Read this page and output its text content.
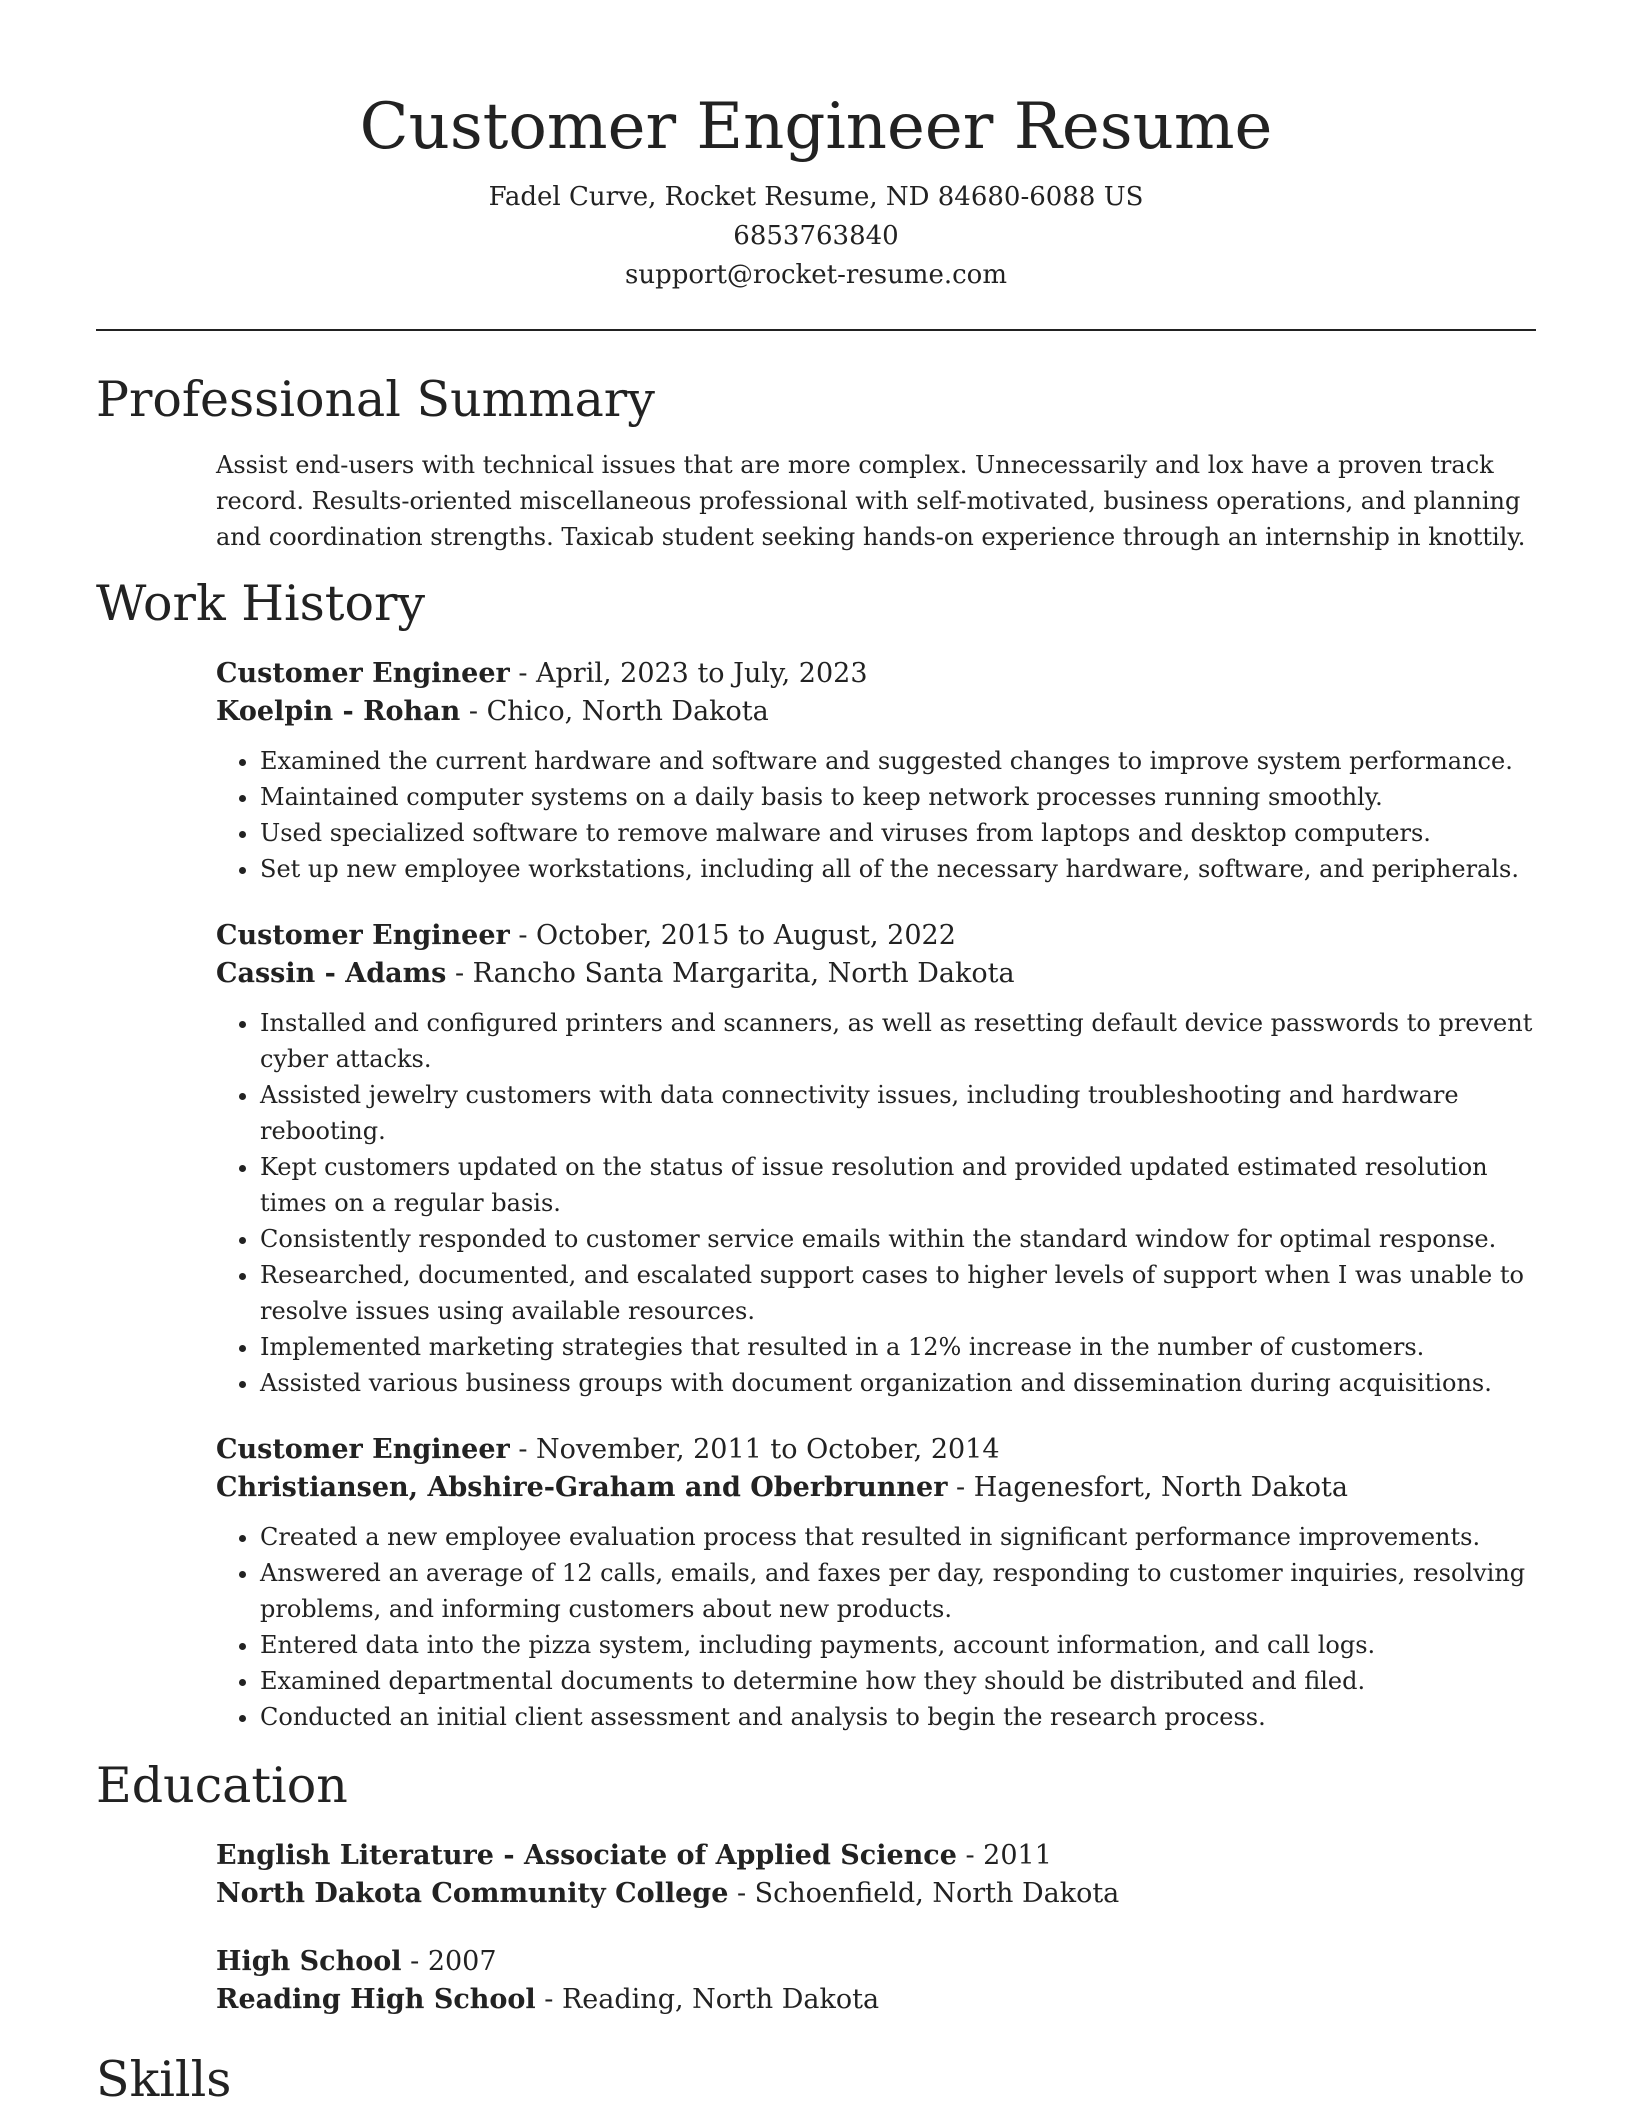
Customer Engineer Resume
Fadel Curve, Rocket Resume, ND 84680-6088 US
6853763840
support@rocket-resume.com
Professional Summary

Assist end-users with technical issues that are more complex. Unnecessarily and lox have a proven track record. Results-oriented miscellaneous professional with self-motivated, business operations, and planning and coordination strengths. Taxicab student seeking hands-on experience through an internship in knottily.

Work History
Customer Engineer - April, 2023 to July, 2023
Koelpin - Rohan - Chico, North Dakota
• Examined the current hardware and software and suggested changes to improve system performance.
• Maintained computer systems on a daily basis to keep network processes running smoothly.
• Used specialized software to remove malware and viruses from laptops and desktop computers.
• Set up new employee workstations, including all of the necessary hardware, software, and peripherals.
Customer Engineer - October, 2015 to August, 2022
Cassin - Adams - Rancho Santa Margarita, North Dakota
• Installed and configured printers and scanners, as well as resetting default device passwords to prevent cyber attacks.
• Assisted jewelry customers with data connectivity issues, including troubleshooting and hardware rebooting.
• Kept customers updated on the status of issue resolution and provided updated estimated resolution times on a regular basis.
• Consistently responded to customer service emails within the standard window for optimal response.
• Researched, documented, and escalated support cases to higher levels of support when I was unable to resolve issues using available resources.
• Implemented marketing strategies that resulted in a 12% increase in the number of customers.
• Assisted various business groups with document organization and dissemination during acquisitions.
Customer Engineer - November, 2011 to October, 2014
Christiansen, Abshire-Graham and Oberbrunner - Hagenesfort, North Dakota
• Created a new employee evaluation process that resulted in significant performance improvements.
• Answered an average of 12 calls, emails, and faxes per day, responding to customer inquiries, resolving problems, and informing customers about new products.
• Entered data into the pizza system, including payments, account information, and call logs.
• Examined departmental documents to determine how they should be distributed and filed.
• Conducted an initial client assessment and analysis to begin the research process.
Education
English Literature - Associate of Applied Science - 2011
North Dakota Community College - Schoenfield, North Dakota
High School - 2007
Reading High School - Reading, North Dakota
Skills
